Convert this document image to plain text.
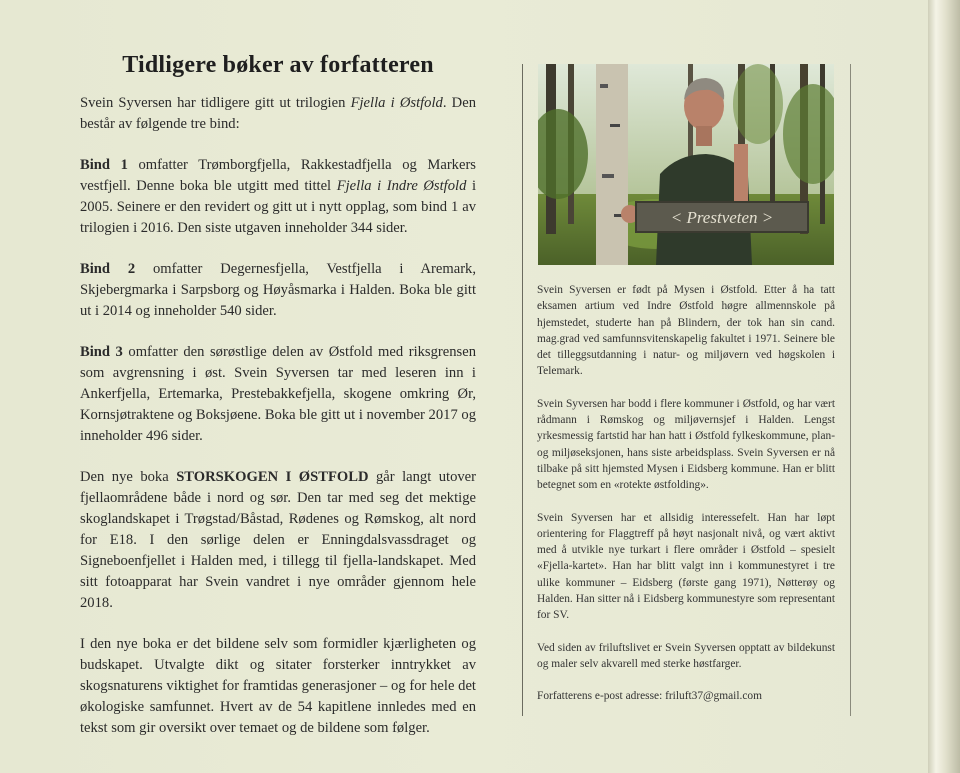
Tidligere bøker av forfatteren

Svein Syversen har tidligere gitt ut trilogien Fjella i Østfold. Den består av følgende tre bind:

Bind 1 omfatter Trømborgfjella, Rakkestadfjella og Markers vestfjell. Denne boka ble utgitt med tittel Fjella i Indre Østfold i 2005. Seinere er den revidert og gitt ut i nytt opplag, som bind 1 av trilogien i 2016. Den siste utgaven inneholder 344 sider.

Bind 2 omfatter Degernesfjella, Vestfjella i Aremark, Skjebergmarka i Sarpsborg og Høyåsmarka i Halden. Boka ble gitt ut i 2014 og inneholder 540 sider.

Bind 3 omfatter den sørøstlige delen av Østfold med riksgrensen som avgrensning i øst. Svein Syversen tar med leseren inn i Ankerfjella, Ertemarka, Prestebakkefjella, skogene omkring Ør, Kornsjøtraktene og Boksjøene. Boka ble gitt ut i november 2017 og inneholder 496 sider.

Den nye boka STORSKOGEN I ØSTFOLD går langt utover fjellaområdene både i nord og sør. Den tar med seg det mektige skoglandskapet i Trøgstad/Båstad, Rødenes og Rømskog, alt nord for E18. I den sørlige delen er Enningdalsvassdraget og Signeboenfjellet i Halden med, i tillegg til fjella-landskapet. Med sitt fotoapparat har Svein vandret i nye områder gjennom hele 2018.

I den nye boka er det bildene selv som formidler kjærligheten og budskapet. Utvalgte dikt og sitater forsterker inntrykket av skogsnaturens viktighet for framtidas generasjoner – og for hele det økologiske samfunnet. Hvert av de 54 kapitlene innledes med en tekst som gir oversikt over temaet og de bildene som følger.

< Prestveten >

Svein Syversen er født på Mysen i Østfold. Etter å ha tatt eksamen artium ved Indre Østfold høgre allmennskole på hjemstedet, studerte han på Blindern, der tok han sin cand. mag.grad ved samfunnsvitenskapelig fakultet i 1971. Seinere ble det tilleggsutdanning i natur- og miljøvern ved høgskolen i Telemark.

Svein Syversen har bodd i flere kommuner i Østfold, og har vært rådmann i Rømskog og miljøvernsjef i Halden. Lengst yrkesmessig fartstid har han hatt i Østfold fylkeskommune, plan- og miljøseksjonen, hans siste arbeidsplass. Svein Syversen er nå tilbake på sitt hjemsted Mysen i Eidsberg kommune. Han er blitt betegnet som en «rotekte østfolding».

Svein Syversen har et allsidig interessefelt. Han har løpt orientering for Flaggtreff på høyt nasjonalt nivå, og vært aktivt med å utvikle nye turkart i flere områder i Østfold – spesielt «Fjella-kartet». Han har blitt valgt inn i kommunestyret i tre ulike kommuner – Eidsberg (første gang 1971), Nøtterøy og Halden. Han sitter nå i Eidsberg kommunestyre som representant for SV.

Ved siden av friluftslivet er Svein Syversen opptatt av bildekunst og maler selv akvarell med sterke høstfarger.

Forfatterens e-post adresse: friluft37@gmail.com
